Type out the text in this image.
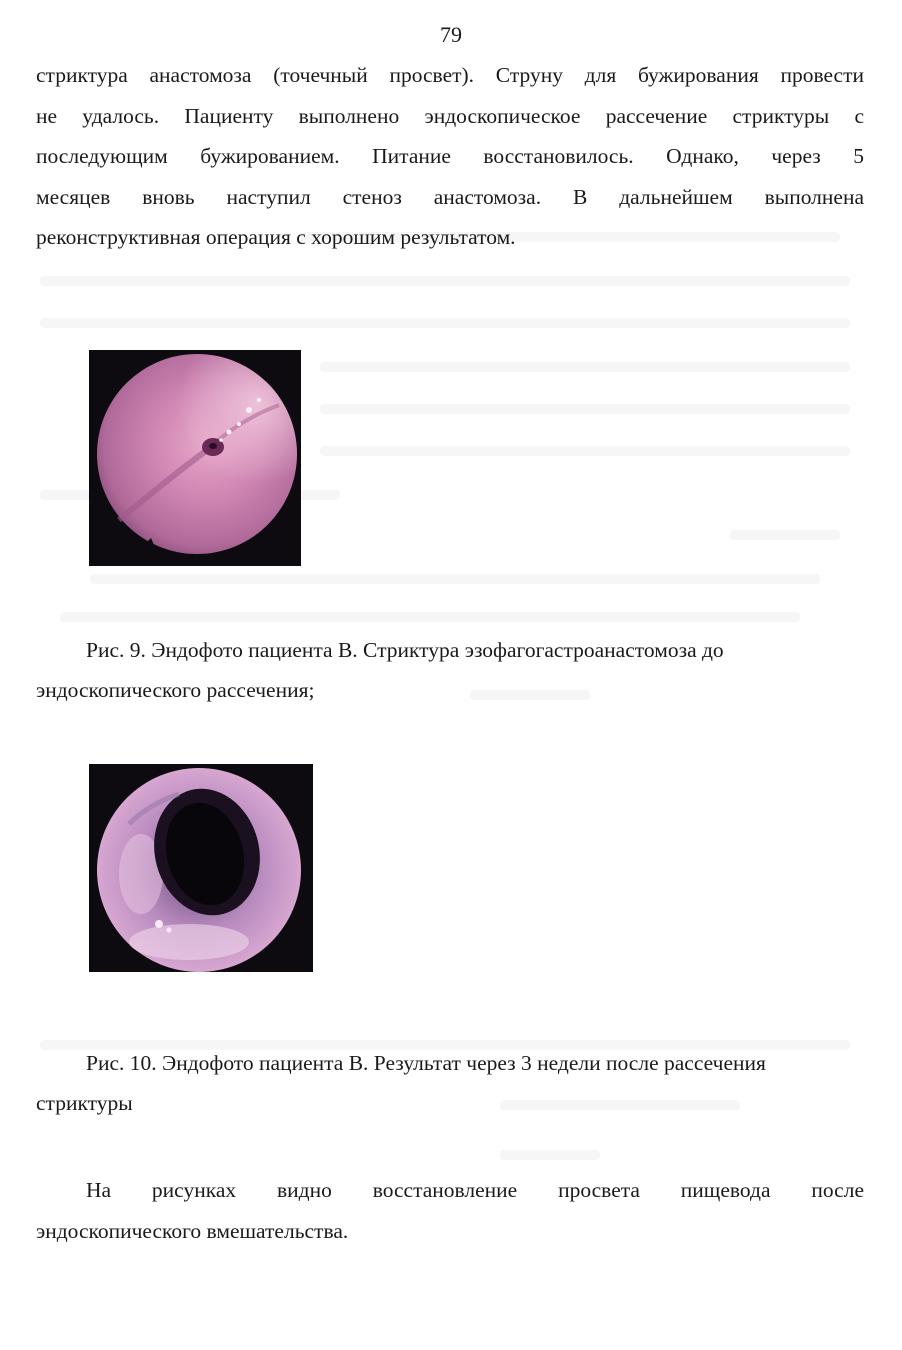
79
стриктура анастомоза (точечный просвет). Струну для бужирования провести
не удалось. Пациенту выполнено эндоскопическое рассечение стриктуры с
последующим бужированием. Питание восстановилось. Однако, через 5
месяцев вновь наступил стеноз анастомоза. В дальнейшем выполнена
реконструктивная операция с хорошим результатом.
Рис. 9. Эндофото пациента В. Стриктура эзофагогастроанастомоза до
эндоскопического рассечения;
Рис. 10. Эндофото пациента В. Результат через 3 недели после рассечения
стриктуры
На рисунках видно восстановление просвета пищевода после
эндоскопического вмешательства.
